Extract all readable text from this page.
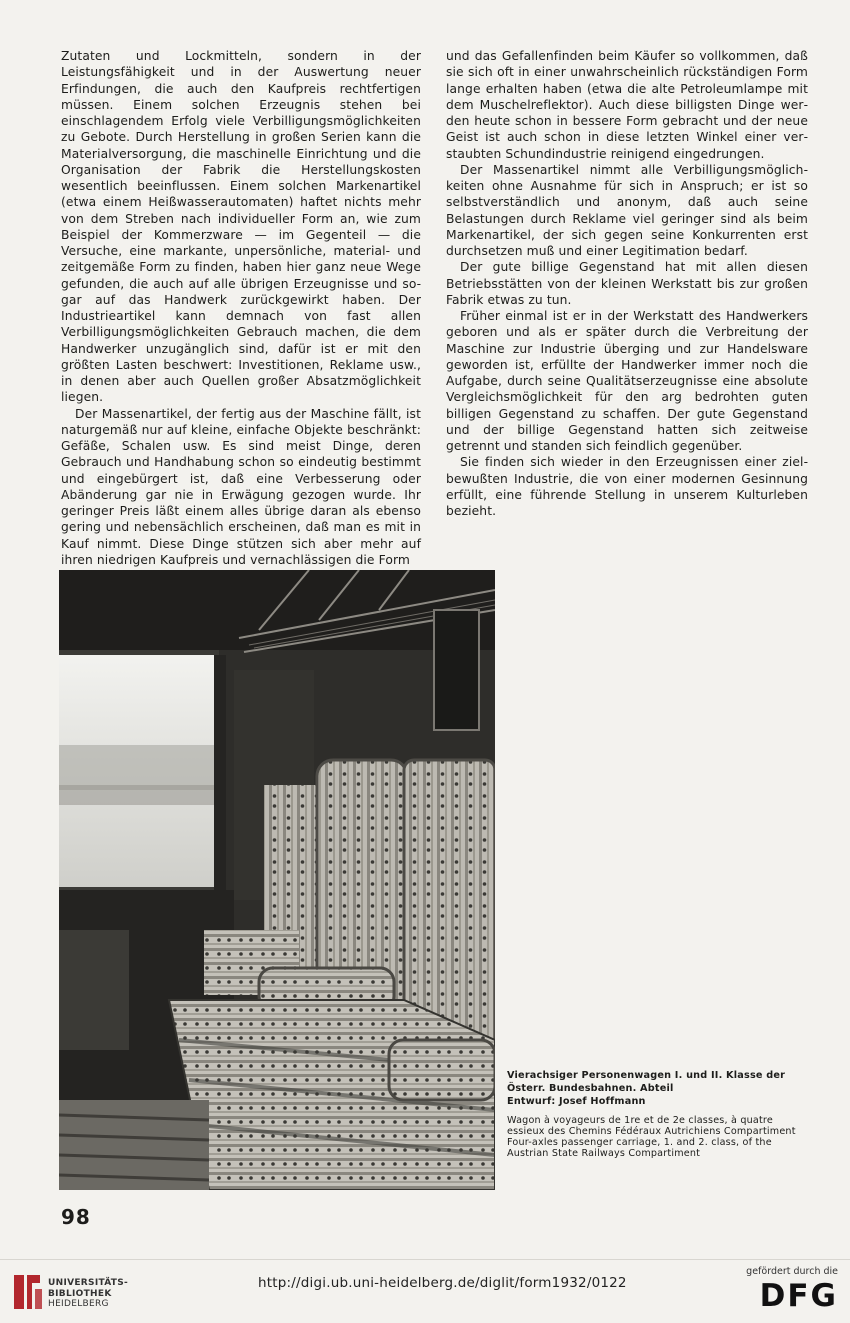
Zutaten und Lockmitteln, sondern in der Leistungsfähigkeit und in der Auswertung neuer Erfindungen, die auch den Kaufpreis rechtfertigen müssen. Einem solchen Erzeugnis stehen bei einschlagendem Erfolg viele Verbilligungsmöglichkeiten zu Gebote. Durch Herstellung in großen Serien kann die Materialversorgung, die maschinelle Einrichtung und die Organisation der Fabrik die Herstellungskosten wesentlich beeinflussen. Einem solchen Markenartikel (etwa einem Heißwasserautomaten) haftet nichts mehr von dem Streben nach individueller Form an, wie zum Beispiel der Kommerzware — im Gegenteil — die Versuche, eine markante, unpersönliche, material- und zeitgemäße Form zu finden, haben hier ganz neue Wege gefunden, die auch auf alle übrigen Erzeugnisse und sogar auf das Handwerk zurückgewirkt haben. Der Industrieartikel kann demnach von fast allen Verbilligungsmöglichkeiten Gebrauch machen, die dem Handwerker unzugänglich sind, dafür ist er mit den größten Lasten beschwert: Investitionen, Reklame usw., in denen aber auch Quellen großer Absatzmöglichkeit liegen.

Der Massenartikel, der fertig aus der Maschine fällt, ist naturgemäß nur auf kleine, einfache Objekte beschränkt: Gefäße, Schalen usw. Es sind meist Dinge, deren Gebrauch und Handhabung schon so eindeutig bestimmt und eingebürgert ist, daß eine Verbesserung oder Abänderung gar nie in Erwägung gezogen wurde. Ihr geringer Preis läßt einem alles übrige daran als ebenso gering und nebensächlich erscheinen, daß man es mit in Kauf nimmt. Diese Dinge stützen sich aber mehr auf ihren niedrigen Kaufpreis und vernachlässigen die Form

und das Gefallenfinden beim Käufer so vollkommen, daß sie sich oft in einer unwahrscheinlich rückständigen Form lange erhalten haben (etwa die alte Petroleumlampe mit dem Muschelreflektor). Auch diese billigsten Dinge werden heute schon in bessere Form gebracht und der neue Geist ist auch schon in diese letzten Winkel einer verstaubten Schundindustrie reinigend eingedrungen.

Der Massenartikel nimmt alle Verbilligungsmöglichkeiten ohne Ausnahme für sich in Anspruch; er ist so selbstverständlich und anonym, daß auch seine Belastungen durch Reklame viel geringer sind als beim Markenartikel, der sich gegen seine Konkurrenten erst durchsetzen muß und einer Legitimation bedarf.

Der gute billige Gegenstand hat mit allen diesen Betriebsstätten von der kleinen Werkstatt bis zur großen Fabrik etwas zu tun.

Früher einmal ist er in der Werkstatt des Handwerkers geboren und als er später durch die Verbreitung der Maschine zur Industrie überging und zur Handelsware geworden ist, erfüllte der Handwerker immer noch die Aufgabe, durch seine Qualitätserzeugnisse eine absolute Vergleichsmöglichkeit für den arg bedrohten guten billigen Gegenstand zu schaffen. Der gute Gegenstand und der billige Gegenstand hatten sich zeitweise getrennt und standen sich feindlich gegenüber.

Sie finden sich wieder in den Erzeugnissen einer zielbewußten Industrie, die von einer modernen Gesinnung erfüllt, eine führende Stellung in unserem Kulturleben bezieht.

Vierachsiger Personenwagen I. und II. Klasse der Österr. Bundesbahnen. Abteil
Entwurf: Josef Hoffmann
Wagon à voyageurs de 1re et de 2e classes, à quatre essieux des Chemins Fédéraux Autrichiens Compartiment
Four-axles passenger carriage, 1. and 2. class, of the Austrian State Railways Compartiment
98
UNIVERSITÄTS-
BIBLIOTHEK
HEIDELBERG
http://digi.ub.uni-heidelberg.de/diglit/form1932/0122
gefördert durch die
DFG
